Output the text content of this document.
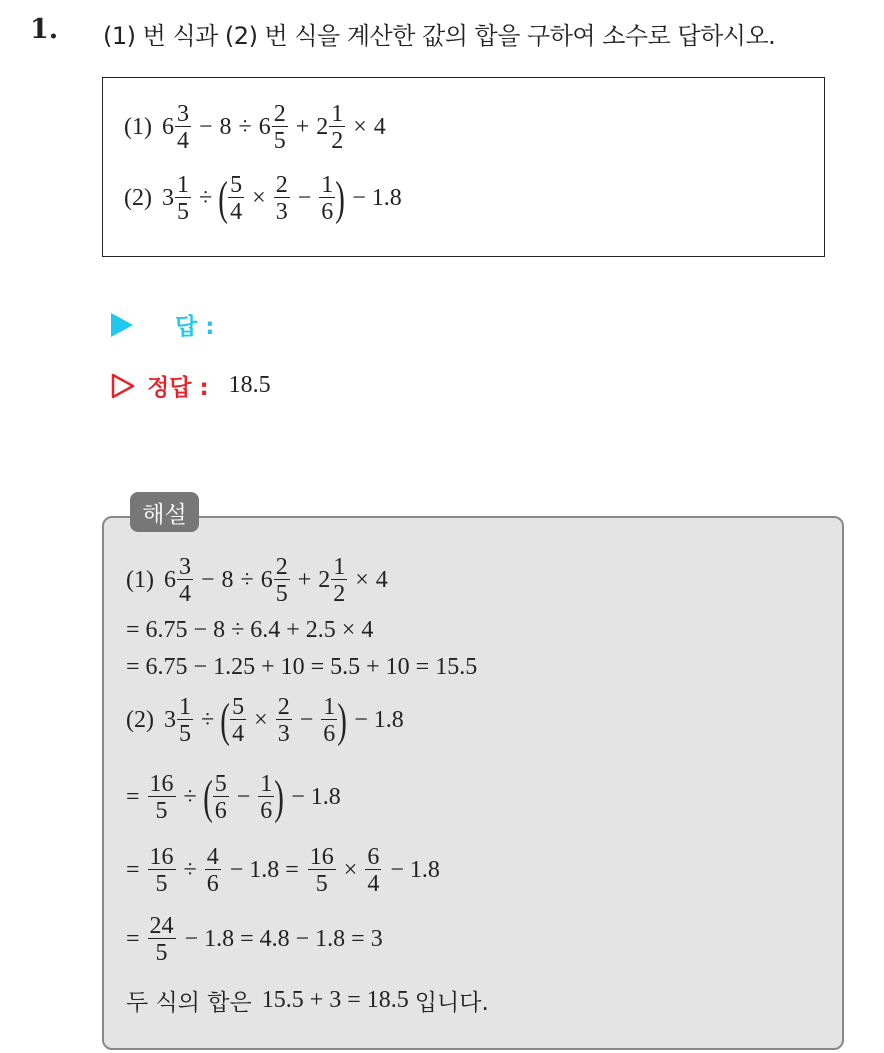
1. (1) 번 식과 (2) 번 식을 계산한 값의 합을 구하여 소수로 답하시오.
(1) $6 \frac{3}{4} - 8 \div 6 \frac{2}{5} + 2 \frac{1}{2} \times 4$
(2) $3 \frac{1}{5}$ ÷ ( $\frac{5}{4} \times \frac{2}{3} - \frac{1}{6}$ ) − 1.8
답 :
정답 : 18.5
해설
(1) $6 \frac{3}{4} - 8 \div 6 \frac{2}{5} + 2 \frac{1}{2} \times 4$
= 6.75 − 8 ÷ 6.4 + 2.5 × 4
= 6.75 − 1.25 + 10 = 5.5 + 10 = 15.5
(2) $3 \frac{1}{5}$ ÷ ( $\frac{5}{4} \times \frac{2}{3} - \frac{1}{6}$ ) − 1.8
= $\frac{16}{5}$ ÷ ( $\frac{5}{6} - \frac{1}{6}$ ) − 1.8
= $\frac{16}{5} \div \frac{4}{6} - 1.8 = \frac{16}{5} \times \frac{6}{4} - 1.8$
= $\frac{24}{5} - 1.8 = 4.8 - 1.8 = 3$
두 식의 합은 15.5 + 3 = 18.5 입니다.
